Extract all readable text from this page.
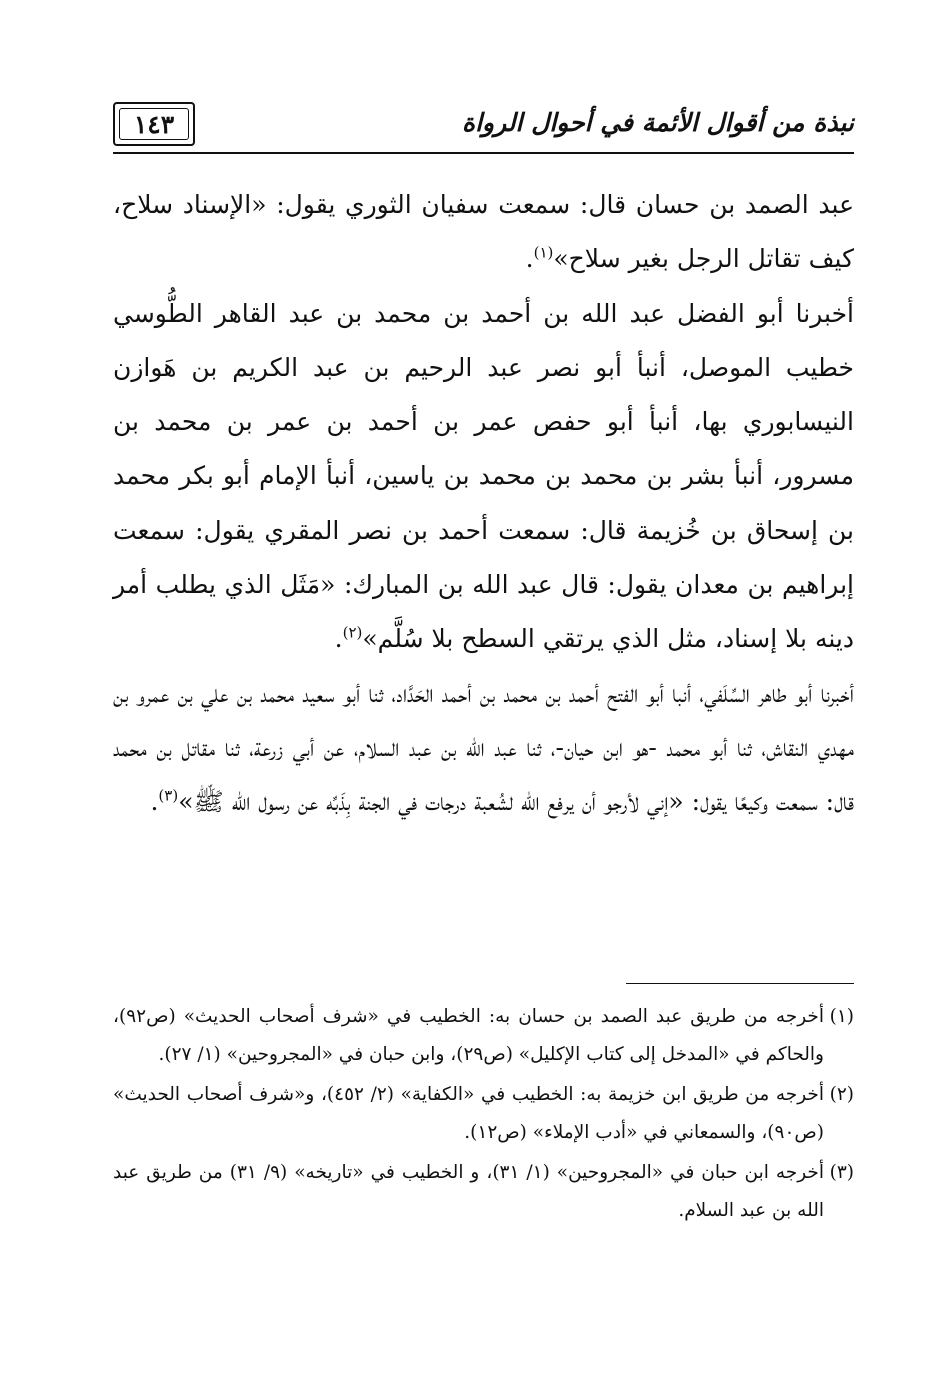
١٤٣	نبذة من أقوال الأئمة في أحوال الرواة

عبد الصمد بن حسان قال: سمعت سفيان الثوري يقول: «الإسناد سلاح، كيف تقاتل الرجل بغير سلاح»$^{(١)}$.

أخبرنا أبو الفضل عبد الله بن أحمد بن محمد بن عبد القاهر الطُّوسي خطيب الموصل، أنبأ أبو نصر عبد الرحيم بن عبد الكريم بن هَوازن النيسابوري بها، أنبأ أبو حفص عمر بن أحمد بن عمر بن محمد بن مسرور، أنبأ بشر بن محمد بن محمد بن ياسين، أنبأ الإمام أبو بكر محمد بن إسحاق بن خُزيمة قال: سمعت أحمد بن نصر المقري يقول: سمعت إبراهيم بن معدان يقول: قال عبد الله بن المبارك: «مَثَل الذي يطلب أمر دينه بلا إسناد، مثل الذي يرتقي السطح بلا سُلَّم»$^{(٢)}$.

أخبرنا أبو طاهر السِّلَفي، أنبا أبو الفتح أحمد بن محمد بن أحمد الحَدَّاد، ثنا أبو سعيد محمد بن علي بن عمرو بن مهدي النقاش، ثنا أبو محمد -هو ابن حيان-، ثنا عبد الله بن عبد السلام، عن أبي زرعة، ثنا مقاتل بن محمد قال: سمعت وكيعًا يقول: «إني لأرجو أن يرفع الله لشُعبة درجات في الجنة بِذَبِّه عن رسول الله ﷺ»$^{(٣)}$.

(١)
أخرجه من طريق عبد الصمد بن حسان به: الخطيب في «شرف أصحاب الحديث» (ص٩٢)، والحاكم في «المدخل إلى كتاب الإكليل» (ص٢٩)، وابن حبان في «المجروحين» (١/ ٢٧).

(٢)
أخرجه من طريق ابن خزيمة به: الخطيب في «الكفاية» (٢/ ٤٥٢)، و«شرف أصحاب الحديث» (ص٩٠)، والسمعاني في «أدب الإملاء» (ص١٢).

(٣)
أخرجه ابن حبان في «المجروحين» (١/ ٣١)، و الخطيب في «تاريخه» (٩/ ٣١) من طريق عبد الله بن عبد السلام.
